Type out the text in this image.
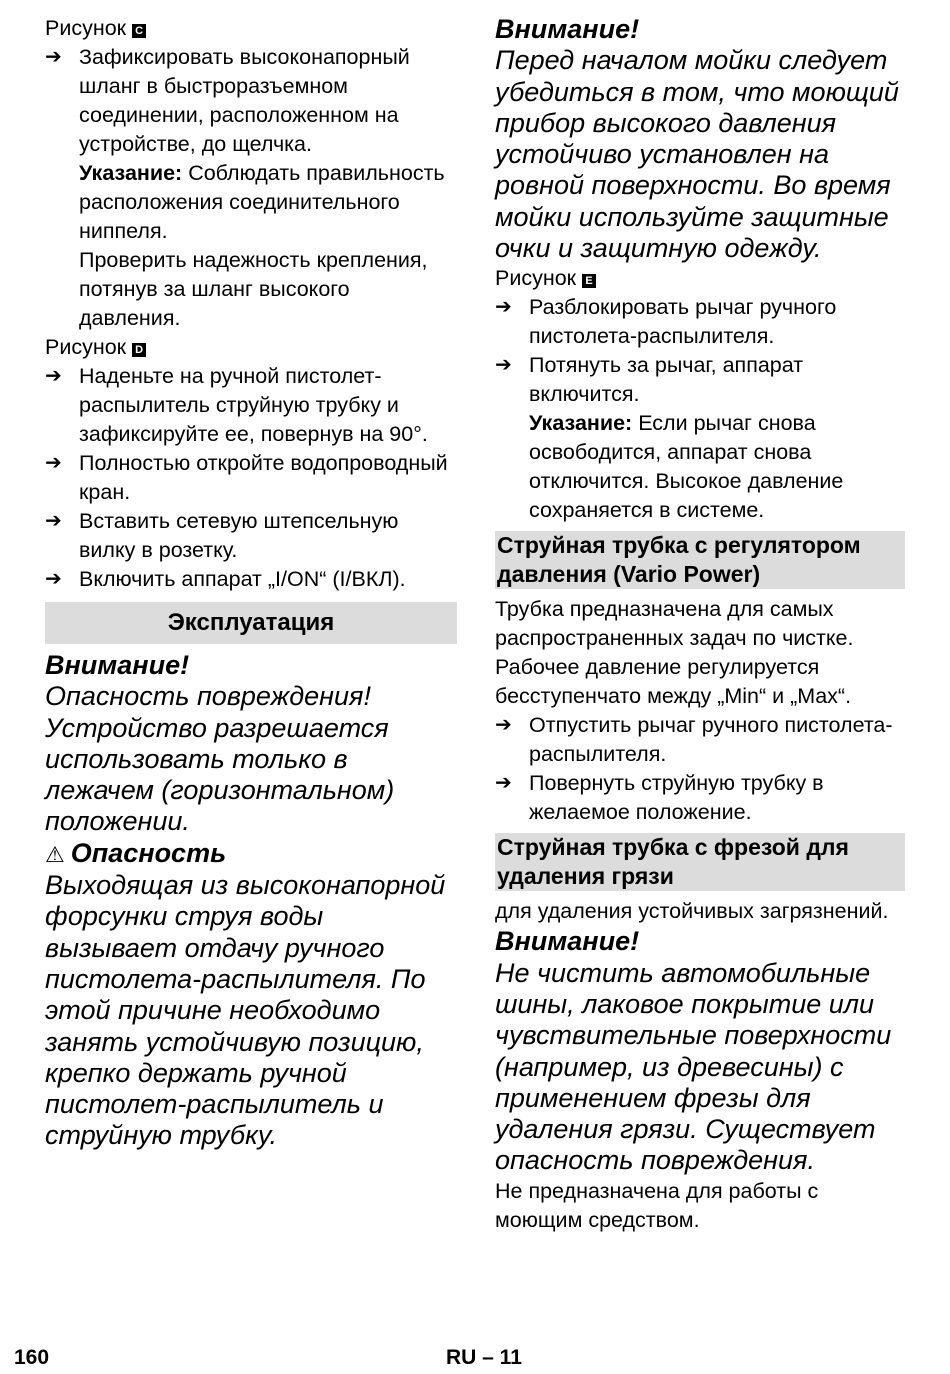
Рисунок C
➔ Зафиксировать высоконапорный шланг в быстроразъемном соединении, расположенном на устройстве, до щелчка.
Указание: Соблюдать правильность расположения соединительного ниппеля.
Проверить надежность крепления, потянув за шланг высокого давления.
Рисунок D
➔ Наденьте на ручной пистолет-распылитель струйную трубку и зафиксируйте ее, повернув на 90°.
➔ Полностью откройте водопроводный кран.
➔ Вставить сетевую штепсельную вилку в розетку.
➔ Включить аппарат „I/ON“ (I/ВКЛ).
Эксплуатация
Внимание!
Опасность повреждения! Устройство разрешается использовать только в лежачем (горизонтальном) положении.
⚠ Опасность
Выходящая из высоконапорной форсунки струя воды вызывает отдачу ручного пистолета-распылителя. По этой причине необходимо занять устойчивую позицию, крепко держать ручной пистолет-распылитель и струйную трубку.
Внимание!
Перед началом мойки следует убедиться в том, что моющий прибор высокого давления устойчиво установлен на ровной поверхности. Во время мойки используйте защитные очки и защитную одежду.
Рисунок E
➔ Разблокировать рычаг ручного пистолета-распылителя.
➔ Потянуть за рычаг, аппарат включится.
Указание: Если рычаг снова освободится, аппарат снова отключится. Высокое давление сохраняется в системе.
Струйная трубка с регулятором давления (Vario Power)
Трубка предназначена для самых распространенных задач по чистке. Рабочее давление регулируется бесступенчато между „Min“ и „Max“.
➔ Отпустить рычаг ручного пистолета-распылителя.
➔ Повернуть струйную трубку в желаемое положение.
Струйная трубка с фрезой для удаления грязи
для удаления устойчивых загрязнений.
Внимание!
Не чистить автомобильные шины, лаковое покрытие или чувствительные поверхности (например, из древесины) с применением фрезы для удаления грязи. Существует опасность повреждения.
Не предназначена для работы с моющим средством.
160	RU – 11
